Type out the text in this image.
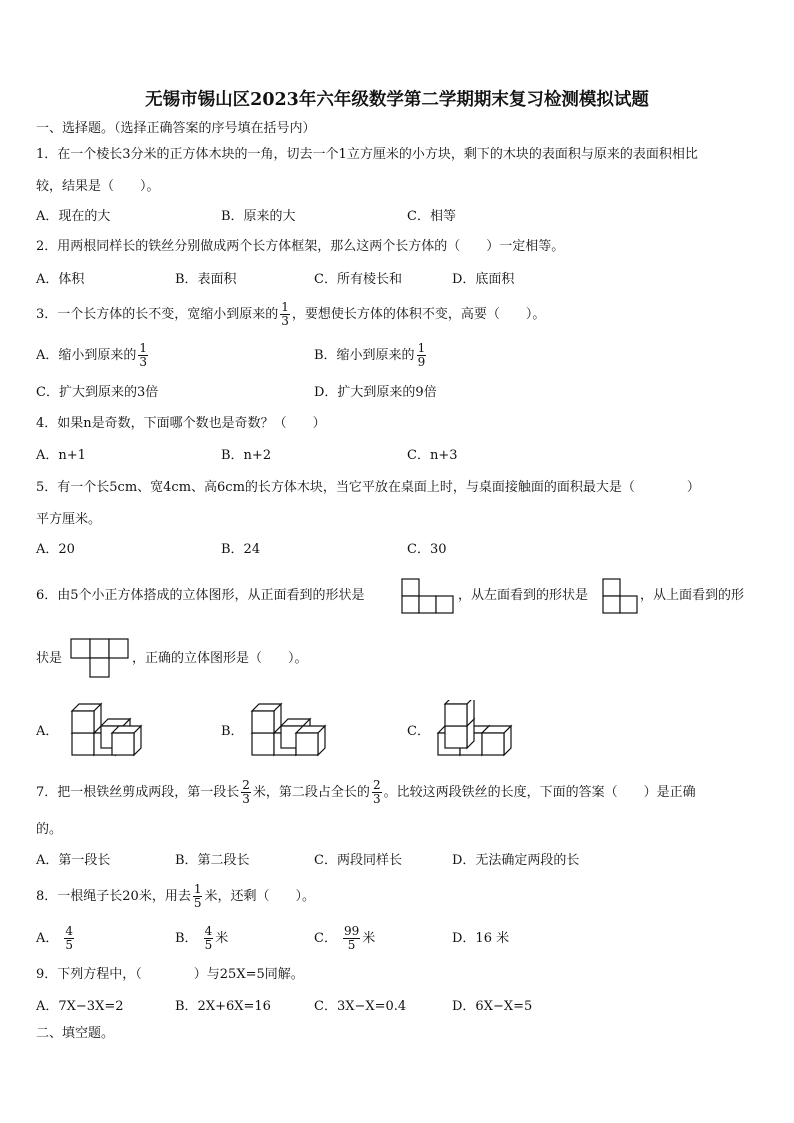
无锡市锡山区2023年六年级数学第二学期期末复习检测模拟试题
一、选择题。（选择正确答案的序号填在括号内）
1．在一个棱长3分米的正方体木块的一角，切去一个1立方厘米的小方块，剩下的木块的表面积与原来的表面积相比
较，结果是（　　）。
A．现在的大	B．原来的大	C．相等
2．用两根同样长的铁丝分别做成两个长方体框架，那么这两个长方体的（　　）一定相等。
A．体积	B．表面积	C．所有棱长和	D．底面积
3．一个长方体的长不变，宽缩小到原来的 $\frac{1}{3}$ ，要想使长方体的体积不变，高要（　　）。
A．缩小到原来的 $\frac{1}{3}$	B．缩小到原来的 $\frac{1}{9}$
C．扩大到原来的3倍	D．扩大到原来的9倍
4．如果n是奇数，下面哪个数也是奇数？（　　）
A．n+1	B．n+2	C．n+3
5．有一个长5cm、宽4cm、高6cm的长方体木块，当它平放在桌面上时，与桌面接触面的面积最大是（　　　　）
平方厘米。
A．20	B．24	C．30
6．由5个小正方体搭成的立体图形，从正面看到的形状是	，从左面看到的形状是	，从上面看到的形
状是	，正确的立体图形是（　　）。
A．	B．	C．
7．把一根铁丝剪成两段，第一段长 $\frac{2}{3}$ 米，第二段占全长的 $\frac{2}{3}$ 。比较这两段铁丝的长度，下面的答案（　　）是正确
的。
A．第一段长	B．第二段长	C．两段同样长	D．无法确定两段的长
8．一根绳子长20米，用去 $\frac{1}{5}$ 米，还剩（　　）。
A． $\frac{4}{5}$	B． $\frac{4}{5}$ 米	C． $\frac{99}{5}$ 米	D．16 米
9．下列方程中，（　　　　）与25X=5同解。
A．7X−3X=2	B．2X+6X=16	C．3X−X=0.4	D．6X−X=5
二、填空题。
